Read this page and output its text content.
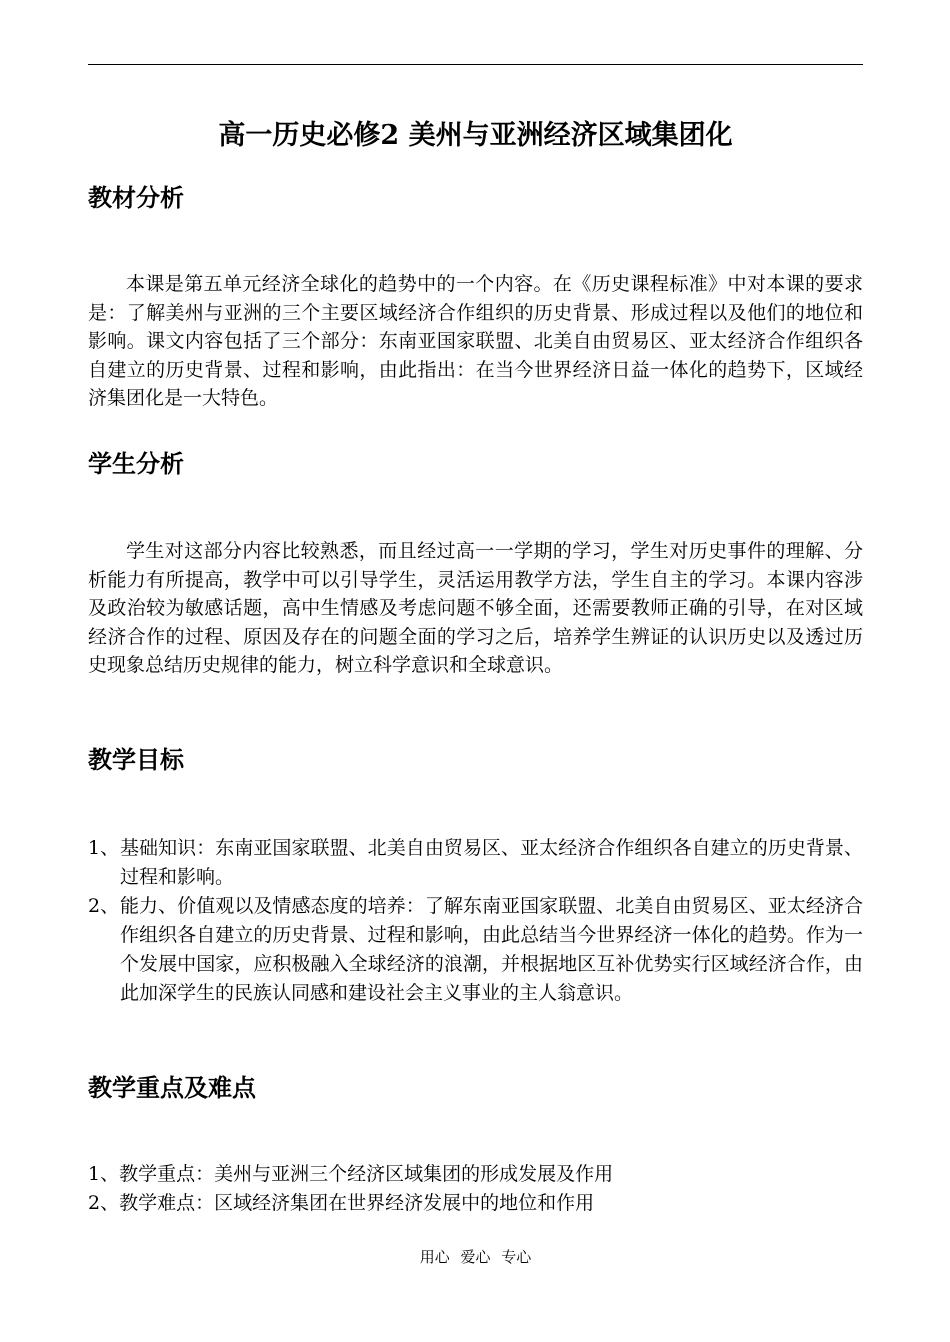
高一历史必修2 美州与亚洲经济区域集团化
教材分析

本课是第五单元经济全球化的趋势中的一个内容。在《历史课程标准》中对本课的要求是：了解美州与亚洲的三个主要区域经济合作组织的历史背景、形成过程以及他们的地位和影响。课文内容包括了三个部分：东南亚国家联盟、北美自由贸易区、亚太经济合作组织各自建立的历史背景、过程和影响，由此指出：在当今世界经济日益一体化的趋势下，区域经济集团化是一大特色。

学生分析

学生对这部分内容比较熟悉，而且经过高一一学期的学习，学生对历史事件的理解、分析能力有所提高，教学中可以引导学生，灵活运用教学方法，学生自主的学习。本课内容涉及政治较为敏感话题，高中生情感及考虑问题不够全面，还需要教师正确的引导，在对区域经济合作的过程、原因及存在的问题全面的学习之后，培养学生辨证的认识历史以及透过历史现象总结历史规律的能力，树立科学意识和全球意识。

教学目标
1、 基础知识：东南亚国家联盟、北美自由贸易区、亚太经济合作组织各自建立的历史背景、过程和影响。
2、 能力、价值观以及情感态度的培养：了解东南亚国家联盟、北美自由贸易区、亚太经济合作组织各自建立的历史背景、过程和影响，由此总结当今世界经济一体化的趋势。作为一个发展中国家，应积极融入全球经济的浪潮，并根据地区互补优势实行区域经济合作，由此加深学生的民族认同感和建设社会主义事业的主人翁意识。
教学重点及难点
1、教学重点：美州与亚洲三个经济区域集团的形成发展及作用
2、教学难点：区域经济集团在世界经济发展中的地位和作用
用心 爱心 专心
